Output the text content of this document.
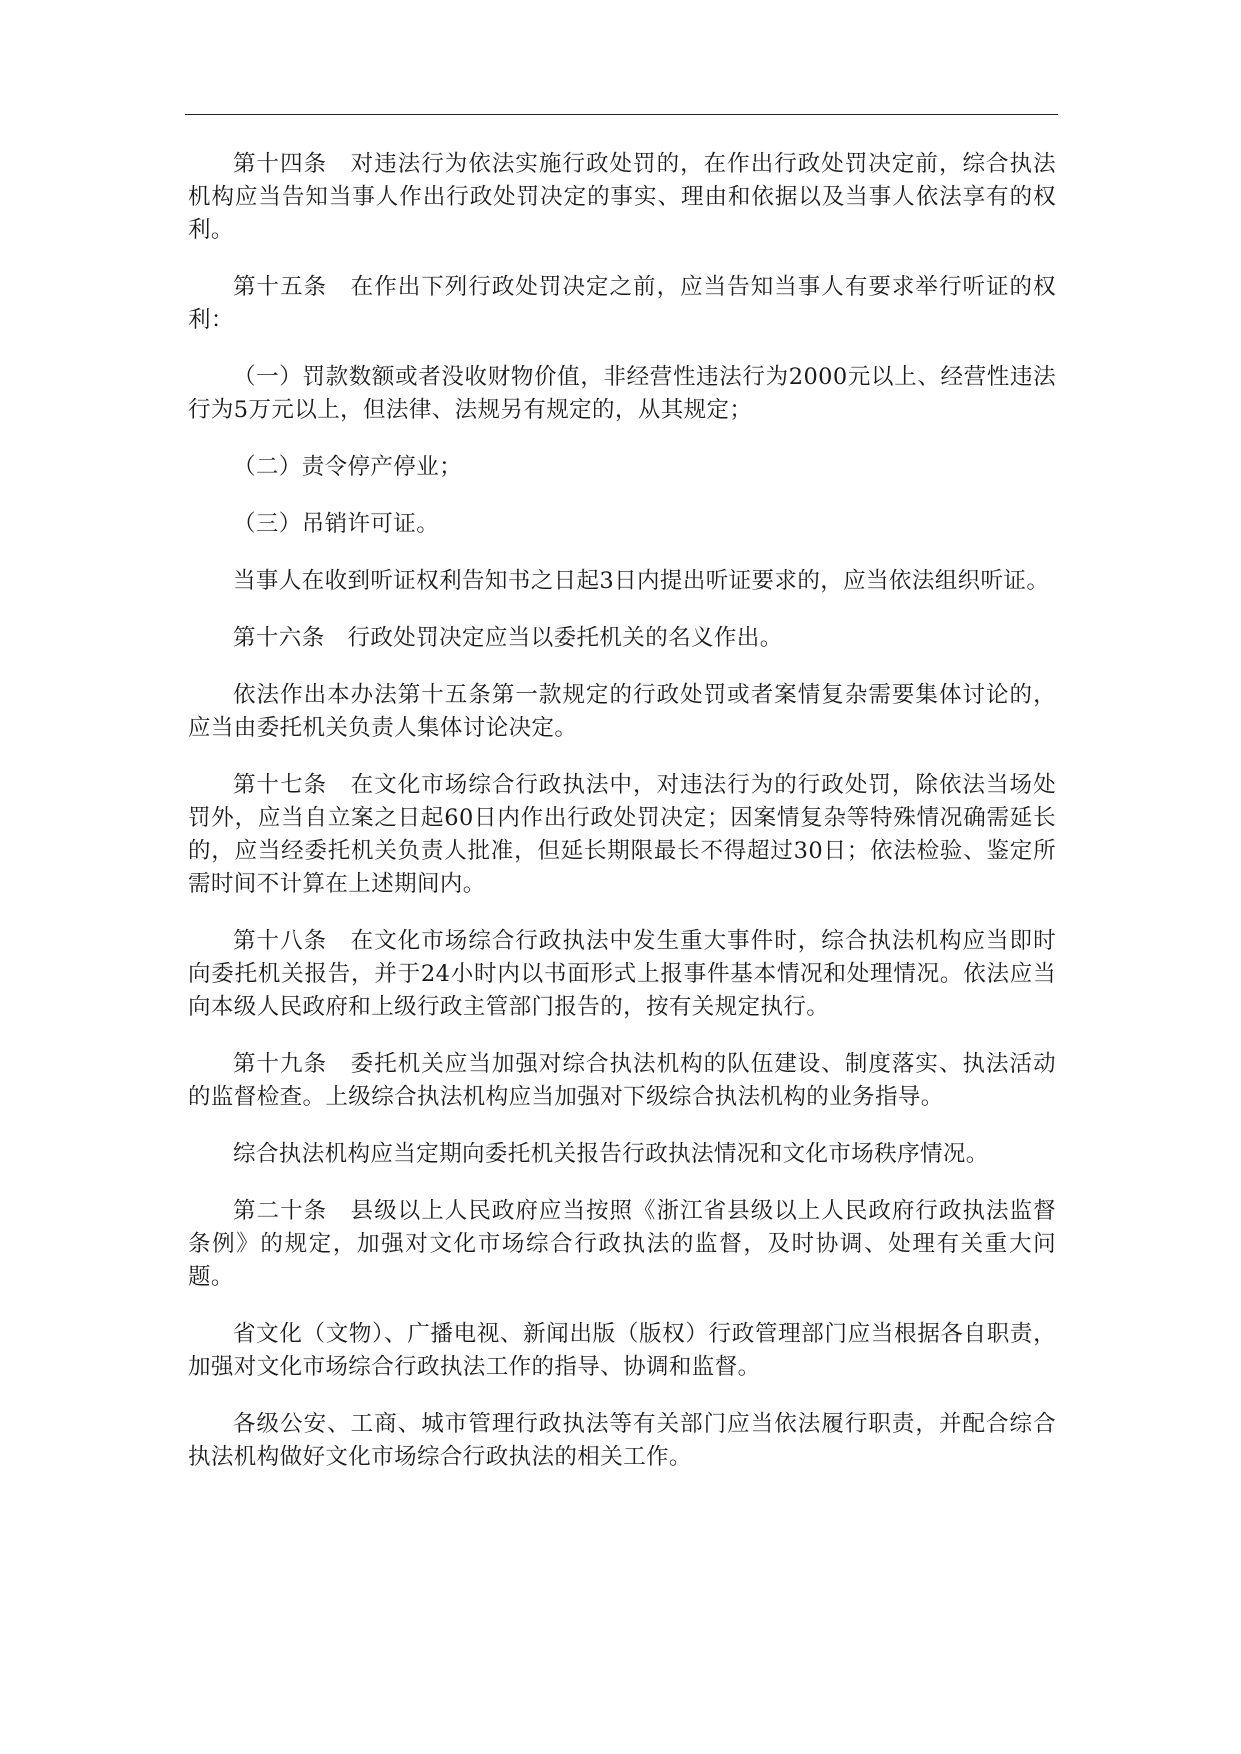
第十四条　对违法行为依法实施行政处罚的，在作出行政处罚决定前，综合执法机构应当告知当事人作出行政处罚决定的事实、理由和依据以及当事人依法享有的权利。

第十五条　在作出下列行政处罚决定之前，应当告知当事人有要求举行听证的权利：

（一）罚款数额或者没收财物价值，非经营性违法行为2000元以上、经营性违法行为5万元以上，但法律、法规另有规定的，从其规定；

（二）责令停产停业；

（三）吊销许可证。

当事人在收到听证权利告知书之日起3日内提出听证要求的，应当依法组织听证。

第十六条　行政处罚决定应当以委托机关的名义作出。

依法作出本办法第十五条第一款规定的行政处罚或者案情复杂需要集体讨论的，应当由委托机关负责人集体讨论决定。

第十七条　在文化市场综合行政执法中，对违法行为的行政处罚，除依法当场处罚外，应当自立案之日起60日内作出行政处罚决定；因案情复杂等特殊情况确需延长的，应当经委托机关负责人批准，但延长期限最长不得超过30日；依法检验、鉴定所需时间不计算在上述期间内。

第十八条　在文化市场综合行政执法中发生重大事件时，综合执法机构应当即时向委托机关报告，并于24小时内以书面形式上报事件基本情况和处理情况。依法应当向本级人民政府和上级行政主管部门报告的，按有关规定执行。

第十九条　委托机关应当加强对综合执法机构的队伍建设、制度落实、执法活动的监督检查。上级综合执法机构应当加强对下级综合执法机构的业务指导。

综合执法机构应当定期向委托机关报告行政执法情况和文化市场秩序情况。

第二十条　县级以上人民政府应当按照《浙江省县级以上人民政府行政执法监督条例》的规定，加强对文化市场综合行政执法的监督，及时协调、处理有关重大问题。

省文化（文物）、广播电视、新闻出版（版权）行政管理部门应当根据各自职责，加强对文化市场综合行政执法工作的指导、协调和监督。

各级公安、工商、城市管理行政执法等有关部门应当依法履行职责，并配合综合执法机构做好文化市场综合行政执法的相关工作。
